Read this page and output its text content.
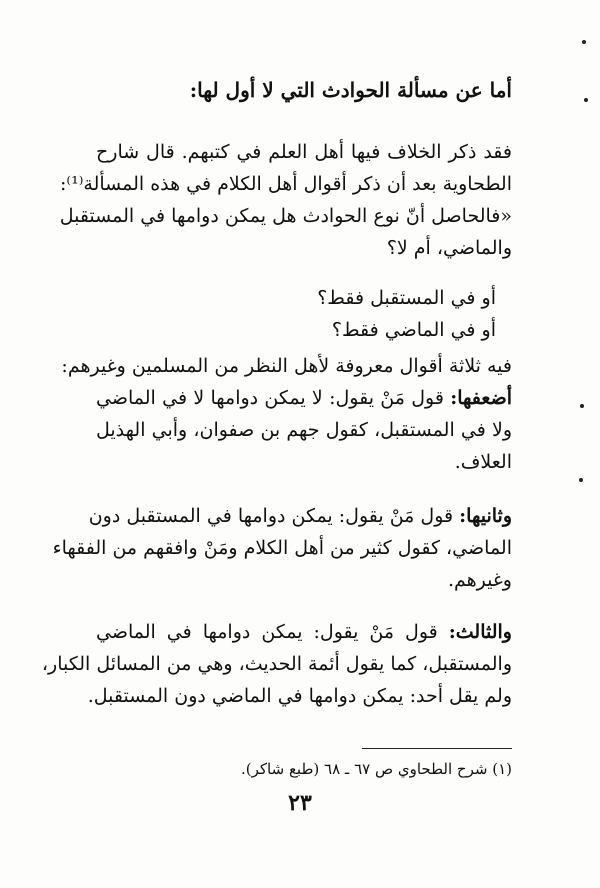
أما عن مسألة الحوادث التي لا أول لها:
فقد ذكر الخلاف فيها أهل العلم في كتبهم. قال شارح
الطحاوية بعد أن ذكر أقوال أهل الكلام في هذه المسألة⁽¹⁾:
«فالحاصل أنّ نوع الحوادث هل يمكن دوامها في المستقبل
والماضي، أم لا؟
أو في المستقبل فقط؟
أو في الماضي فقط؟
فيه ثلاثة أقوال معروفة لأهل النظر من المسلمين وغيرهم:
أضعفها: قول مَنْ يقول: لا يمكن دوامها لا في الماضي
ولا في المستقبل، كقول جهم بن صفوان، وأبي الهذيل
العلاف.
وثانيها: قول مَنْ يقول: يمكن دوامها في المستقبل دون
الماضي، كقول كثير من أهل الكلام ومَنْ وافقهم من الفقهاء
وغيرهم.
والثالث: قول مَنْ يقول: يمكن دوامها في الماضي
والمستقبل، كما يقول أئمة الحديث، وهي من المسائل الكبار،
ولم يقل أحد: يمكن دوامها في الماضي دون المستقبل.
(١) شرح الطحاوي ص ٦٧ ـ ٦٨ (طبع شاكر).
٢٣
